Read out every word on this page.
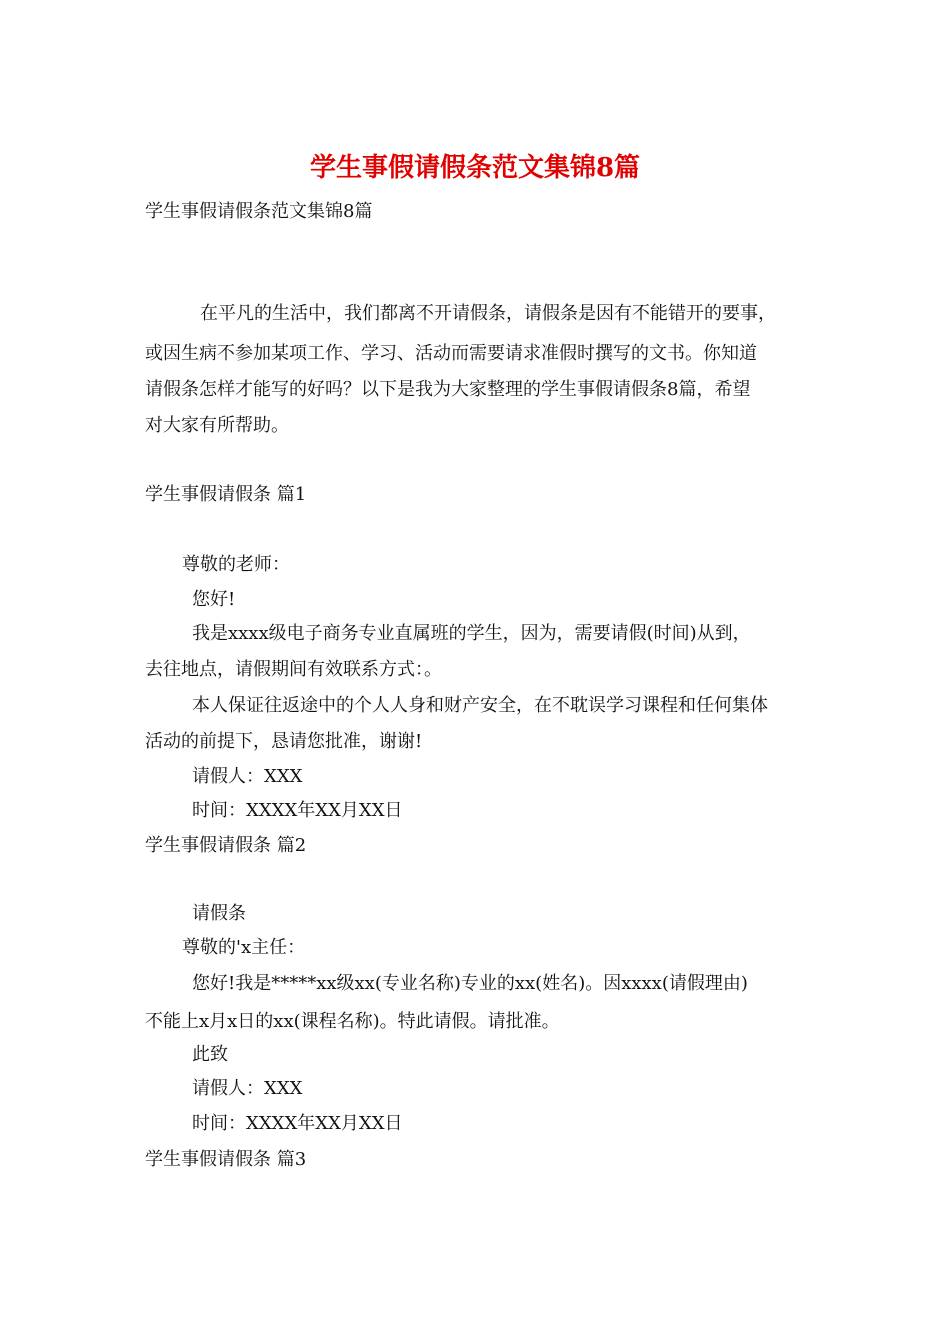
学生事假请假条范文集锦8篇

学生事假请假条范文集锦8篇

在平凡的生活中，我们都离不开请假条，请假条是因有不能错开的要事，

或因生病不参加某项工作、学习、活动而需要请求准假时撰写的文书。你知道

请假条怎样才能写的好吗？以下是我为大家整理的学生事假请假条8篇，希望

对大家有所帮助。

学生事假请假条 篇1

尊敬的老师：

您好!

我是xxxx级电子商务专业直属班的学生，因为，需要请假(时间)从到，

去往地点，请假期间有效联系方式：。

本人保证往返途中的个人人身和财产安全，在不耽误学习课程和任何集体

活动的前提下，恳请您批准，谢谢!

请假人：XXX

时间：XXXX年XX月XX日

学生事假请假条 篇2

请假条

尊敬的'x主任：

您好!我是*****xx级xx(专业名称)专业的xx(姓名)。因xxxx(请假理由)

不能上x月x日的xx(课程名称)。特此请假。请批准。

此致

请假人：XXX

时间：XXXX年XX月XX日

学生事假请假条 篇3
